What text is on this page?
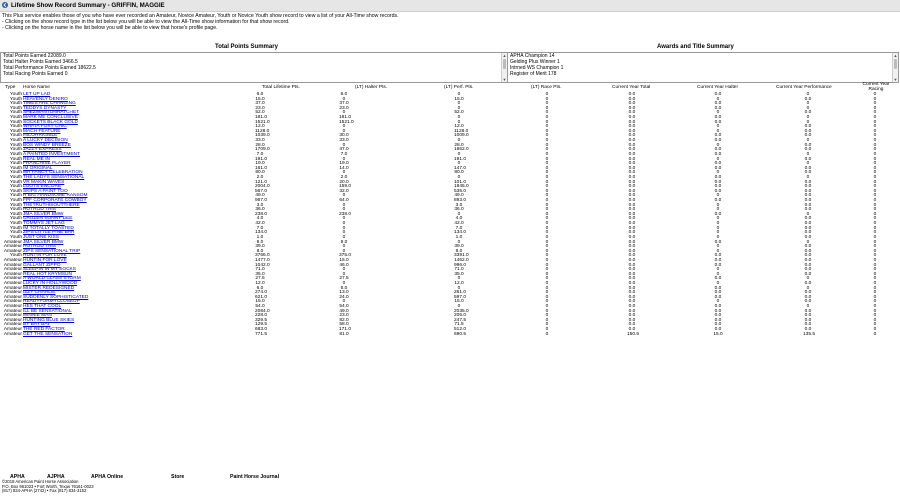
Lifetime Show Record Summary - GRIFFIN, MAGGIE
This Plus service enables those of you who have ever recorded an Amateur, Novice Amateur, Youth or Novice Youth show record to view a list of your All-Time show records.
- Clicking on the show record type in the list below you will be able to view the All-Time show information for that show record.
- Clicking on the horse name in the list below you will be able to view that horse's profile page.
Total Points Summary	Awards and Title Summary
Total Points Earned 22089.0
Total Halter Points Earned 3466.5
Total Performance Points Earned 18622.5
Total Racing Points Earned 0
▲
▼
APHA Champion 14
Gelding Plus Winner 1
Intrned WS Champion 1
Register of Merit 178
▲
▼
Type Horse Name	Total Lifetime Pts.	(LT) Halter Pts.	(LT) Perf. Pts.	(LT) Race Pts.	Current Year Total	Current Year Halter	Current Year Performance
Current Year Racing
Youth LET UP LAD	6.0	6.0	0	0	0.0	0.0	0	0
Youth HEAVENLY DENIRO	15.0	0	15.0	0	0.0	0	0.0	0
Youth TIMES ARE CHANGING	37.0	37.0	0	0	0.0	0.0	0	0
Youth TEDDYS DYNASTY	23.0	23.0	0	0	0.0	0.0	0	0
Youth SHEZWANTONRATCHET	52.0	0	52.0	0	0.0	0	0.0	0
Youth MARK ME CONCLUSIVE	181.0	181.0	0	0	0.0	0.0	0	0
Youth SOCKETS BLACK GOLD	1521.0	1521.0	0	0	0.0	0.0	0	0
Youth WHATA FOXY CHIC	12.0	0	12.0	0	0.0	0	0.0	0
Youth MACH FEATURE	1128.0	0	1128.0	0	0.0	0	0.0	0
Youth INCORRIGIBLE	1039.0	30.0	1009.0	0	0.0	0.0	0.0	0
Youth A LUCKY DECISION	33.0	33.0	0	0	0.0	0.0	0	0
Youth BOS WINDY BREEZE	28.0	0	28.0	0	0.0	0	0.0	0
Youth JAZZY EXPRESS	1709.0	47.0	1662.0	0	0.0	0.0	0.0	0
Youth A PAINTED INVESTMENT	7.0	7.0	0	0	0.0	0.0	0	0
Youth REAL ME IN	191.0	0	191.0	0	0.0	0	0.0	0
Youth FRANCHISE PLAYER	19.0	19.0	0	0	0.0	0.0	0	0
Youth IM ORIGINAL	161.0	14.0	147.0	0	0.0	0.0	0.0	0
Youth MR FANCY CELEBRATION	80.0	0	80.0	0	0.0	0	0.0	0
Youth THE LADYS SENSATIONAL	2.0	2.0	0	0	0.0	0.0	0	0
Youth VR MAKIN WAVES	121.0	20.0	101.0	0	0.0	0.0	0.0	0
Youth LOOTS ENCORE	2004.0	159.0	1845.0	0	0.0	0.0	0.0	0
Youth SKIPS A PAINT TOO	567.0	32.0	535.0	0	0.0	0.0	0.0	0
Youth R BIG HANDSOME RANSOM	49.0	0	49.0	0	0.0	0	0.0	0
Youth FPF CORPORATE COWBOY	957.0	64.0	893.0	0	0.0	0.0	0.0	0
Youth THETRUTHISOUTTHERE	3.0	0	3.0	0	0.0	0	0.0	0
Youth HOTROD THIS	36.0	0	36.0	0	0.0	0	0.0	0
Youth JMA SILVER BMW	238.0	238.0	0	0	0.0	0.0	0	0
Youth CRUZEN SONNY DEE	4.0	0	4.0	0	0.0	0	0.0	0
Youth TOMMYS JET LAG	42.0	0	42.0	0	0.0	0	0.0	0
Youth IM TOTALLY TOASTED	7.0	0	7.0	0	0.0	0	0.0	0
Youth ZIPS LITTLE PINE BAR	134.0	0	134.0	0	0.0	0	0.0	0
Youth JUST ONE KISS	1.0	0	1.0	0	0.0	0	0.0	0
Amateur JMA SILVER BMW	9.0	9.0	0	0	0.0	0.0	0	0
Amateur HOTROD THIS	39.0	0	39.0	0	0.0	0	0.0	0
Amateur ZIPS SENSATIONAL TRIP	8.0	0	8.0	0	0.0	0	0.0	0
Youth HUNTIN FOR LOVE	3766.0	375.0	3391.0	0	0.0	0.0	0.0	0
Amateur HUNTIN FOR LOVE	1477.0	15.0	1462.0	0	0.0	0.0	0.0	0
Amateur GALLANT ZIPPO	1042.0	46.0	996.0	0	0.0	0.0	0.0	0
Amateur SLEEPIN IN MY SOCKS	71.0	0	71.0	0	0.0	0	0.0	0
Amateur REAL HOT KRYMSUN	35.0	0	35.0	0	0.0	0	0.0	0
Amateur A WORLD CLASS STORM	27.5	27.5	0	0	0.0	0.0	0	0
Amateur LUCKY IN HOLLYWOOD	12.0	0	12.0	0	0.0	0	0.0	0
Amateur MISTER REDESIGNED	6.0	6.0	0	0	0.0	0.0	0	0
Amateur IZZY CHARLIE	274.0	13.0	261.0	0	0.0	0.0	0.0	0
Amateur SUDDENLY SOPHISTICATED	621.0	24.0	597.0	0	0.0	0.0	0.0	0
Amateur READYFORMYCLOSEUP	15.0	0	15.0	0	0.0	0	0.0	0
Amateur HES THAT COOL	54.0	54.0	0	0	0.0	0.0	0	0
Amateur ILL BE SENSATIONAL	2084.0	49.0	2035.0	0	0.0	0.0	0.0	0
Amateur MINNIE MAN	228.0	23.0	205.0	0	0.0	0.0	0.0	0
Amateur HUNTING BLUE SKIES	329.5	82.0	247.5	0	0.0	0.0	0.0	0
Amateur BY BAY BAY	129.5	58.0	71.5	0	0.0	0.0	0.0	0
Amateur THE RED FACTOR	683.0	171.0	512.0	0	0.0	0.0	0.0	0
Amateur GET THE SENSATION	771.5	81.0	690.5	0	150.5	15.0	135.5	0
APHA	AJPHA	APHA Online	Store	Paint Horse Journal
©2018 American Paint Horse Association
P.O. Box 961023 • Fort Worth, Texas 76161-0023
(817) 834-APHA (2742) • Fax (817) 834-3152
